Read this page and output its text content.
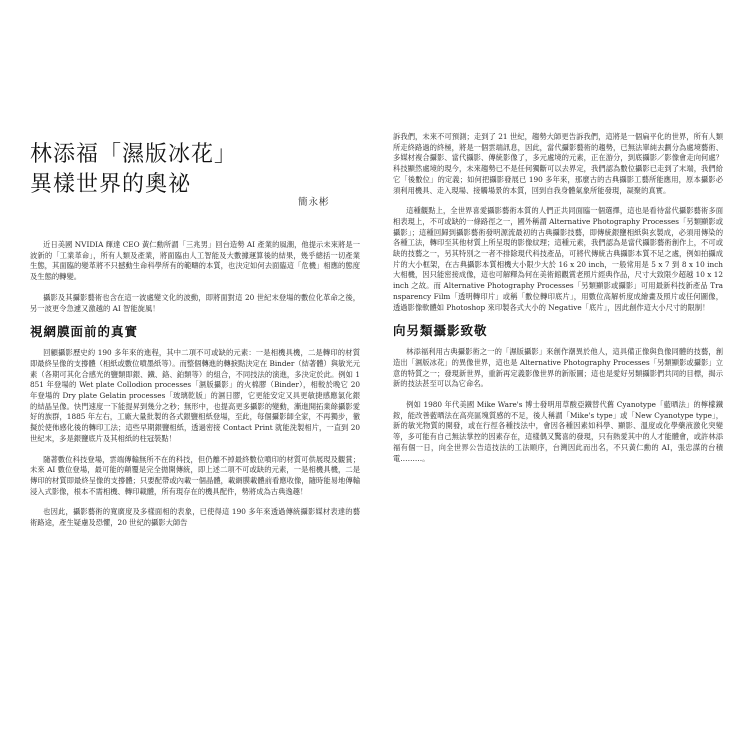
林添福「濕版冰花」
異樣世界的奧祕
簡永彬

近日美國 NVIDIA 輝達 CEO 黃仁勳所謂「三兆男」回台造勢 AI 產業的風潮，他提示未來將是一波新的「工業革命」，所有人類及產業，將面臨由人工智能及大數據運算後的結果，幾乎總括一切產業生態，其面臨的變革將不只撼動生命科學所有的範疇的本質，也決定如何去面臨這「危機」相應的態度及生態的轉變。

攝影及其攝影藝術也含在這一波處變文化的波動，即將面對這 20 世紀末登場的數位化革命之後，另一波更令急遽又激越的 AI 智能旋風！

視網膜面前的真實

回顧攝影歷史約 190 多年來的進程，其中二項不可或缺的元素：一是相機具機，二是轉印的材質即最終呈像的支撐體（相紙或數位噴墨紙等）。而整個轉進的轉捩點決定在 Binder（結著體）與敏光元素（各期可其化合感光的鹽類即銀、鐵、鉻、鉑類等）的組合，不同技法的演進，多決定於此。例如 1851 年登場的 Wet plate Collodion processes「濕版攝影」的火棉膠（Binder），相較於晚它 20 年登場的 Dry plate Gelatin processes「玻璃乾版」的濕日膠，它更能安定又具更敏捷感應氯化銀的結晶呈像。快門速度一下能提昇到幾分之秒；無形中，也提高更多攝影的變動，漸進開拓業餘攝影愛好的族群，1885 年左右，工廠大量批製的各式銀鹽相紙登場，至此，每個攝影師全家，不再獨步，徹擬於使佈感化後的轉印工法；這些早期銀鹽相紙，透過密接 Contact Print 就能洗製相片，一直到 20 世紀末，多是銀鹽底片及其相紙的柱冠裝點！

隨著數位科技登場，雲端傳輸無所不在的科技，但仍離不掉最終數位噴印的材質可供展現及觀賞；未來 AI 數位登場，最可能的顛覆是完全拋開傳統，即上述二項不可或缺的元素，一是相機具機，二是傳印的材質即最終呈像的支撐體；只要配帶或內載一個晶體，載網膜載體前看應收像，隨時能易地傳輸浸入式影像，根本不需相機、轉印載體，所有現存在的機具配件，勢將成為古典逸趣！

也因此，攝影藝術的寬廣度及多樣面相的表象，已使得這 190 多年來透過傳統攝影媒材表達的藝術路途，產生疑慮及恐懼，20 世紀的攝影大師告

訴我們，未來不可預測；走到了 21 世紀，趨勢大師更告訴我們，這將是一個扁平化的世界，所有人類所走終路過的終極，將是一個雲端訊息，因此，當代攝影藝術的趨勢，已無法單純去劃分為處境藝術、多媒材複合攝影、當代攝影、傳統影像了，多元處境的元素，正在游分，到底攝影／影像會走向何處？科技顯然處境的現今，未來趨勢已不是任何獨斷可以去界定，我們認為數位攝影已走到了末端，我們給它「後數位」的定義；如何把攝影發展已 190 多年來，那麼古的古典攝影工藝所能應用，原本攝影必須利用機具、走入現場、接觸場景的本質，回到自我身體氣象所能發現，凝聚的真實。

這種觀點上，全世界喜愛攝影藝術本質的人們正共同面臨一個選擇，這也是看待當代攝影藝術多面相表現上，不可或缺的一條路徑之一，國外稱謂 Alternative Photography Processes「另類顯影或攝影」；這種回歸到攝影藝術發明源流最初的古典攝影技藝，即傳統銀鹽相紙與玄製成，必須用傳染的各種工法，轉印至其他材質上所呈現的影像紋理；這種元素，我們認為是當代攝影藝術創作上，不可或缺的技藝之一，另其特別之一者不排除現代科技產品，可將代傳統古典攝影本質不足之處，例如拍攝成片的大小框架，在古典攝影本質相機大小限少大於 16 x 20 inch，一般常用是 5 x 7 到 8 x 10 inch 大相機，因只能密接成像，這也可解釋為何在美術館觀賞老照片經典作品，尺寸大致限少超越 10 x 12 inch 之故。而 Alternative Photography Processes「另類顯影或攝影」可用最新科技新產品 Transparency Film「透明轉印片」或稱「數位轉印底片」，用數位高解析度成繪畫及照片或任何圖像，透過影像軟體如 Photoshop 來印製各式大小的 Negative「底片」，因此創作這大小尺寸的限制！

向另類攝影致敬

林添福利用古典攝影術之一的「濕版攝影」來創作潮異於他人，這具備正像與負像同體的技藝，創造出「濕版冰花」的異像世界，這也是 Alternative Photography Processes「另類顯影或攝影」立意的特質之一；發現新世界，重新再定義影像世界的新版圖；這也是愛好另類攝影們共同的目標，揭示新的技法甚至可以為它命名。

例如 1980 年代美國 Mike Ware's 博士發明用草酸亞鐵替代舊 Cyanotype「藍晒法」的檸檬鐵銨，能改善藍晒法在高亮區塊質感的不足，後人稱謂「Mike's type」或「New Cyanotype type」，新的敏光物質的開發，或在行徑各種技法中，會因各種因素如科學、顯影、溫度或化學藥液激化突變等，多可能有自己無法掌控的因素存在，這樣偶又驚喜的發現，只有熱愛其中的人才能體會，或許林添福有個一日，向全世界公告這技法的工法順序，台灣因此而出名，不只黃仁勳的 AI，張忠謀的台積電………。
